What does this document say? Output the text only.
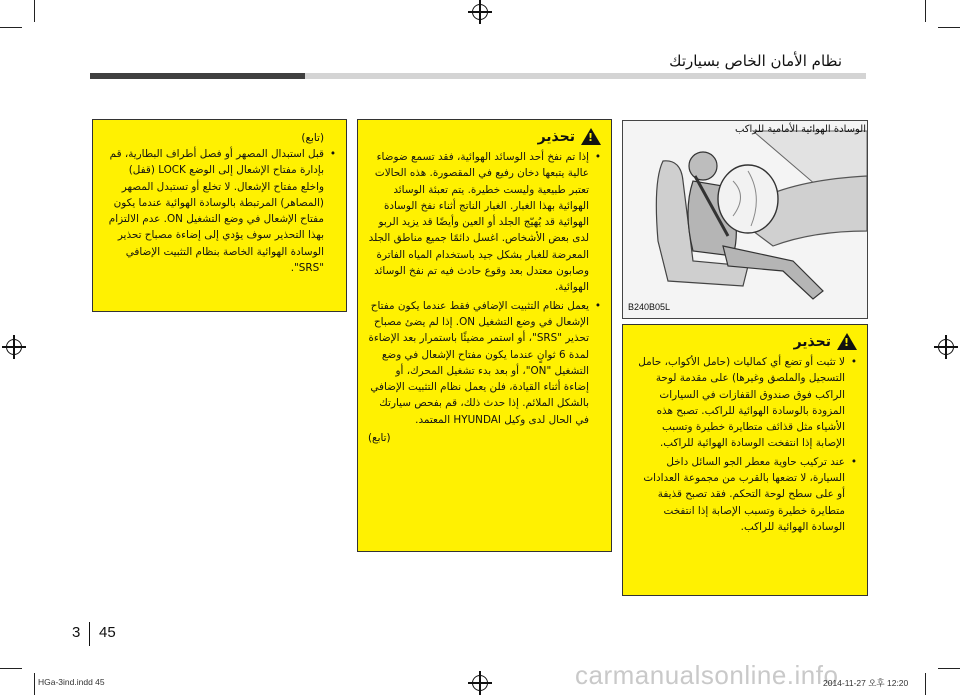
نظام الأمان الخاص بسيارتك
(تابع)
• قبل استبدال المصهر أو فصل أطراف البطارية، قم بإدارة مفتاح الإشعال إلى الوضع LOCK (قفل) واخلع مفتاح الإشعال. لا تخلع أو تستبدل المصهر (المصاهر) المرتبطة بالوسادة الهوائية عندما يكون مفتاح الإشعال في وضع التشغيل ON. عدم الالتزام بهذا التحذير سوف يؤدي إلى إضاءة مصباح تحذير الوسادة الهوائية الخاصة بنظام التثبيت الإضافي "SRS".
تحذير
!
• إذا تم نفخ أحد الوسائد الهوائية، فقد تسمع ضوضاء عالية يتبعها دخان رفيع في المقصورة. هذه الحالات تعتبر طبيعية وليست خطيرة. يتم تعبئة الوسائد الهوائية بهذا الغبار. الغبار الناتج أثناء نفخ الوسادة الهوائية قد يُهيّج الجلد أو العين وأيضًا قد يزيد الربو لدى بعض الأشخاص. اغسل دائمًا جميع مناطق الجلد المعرضة للغبار بشكل جيد باستخدام المياه الفاترة وصابون معتدل بعد وقوع حادث فيه تم نفخ الوسائد الهوائية.
• يعمل نظام التثبيت الإضافي فقط عندما يكون مفتاح الإشعال في وضع التشغيل ON. إذا لم يضئ مصباح تحذير "SRS"، أو استمر مضيئًا باستمرار بعد الإضاءة لمدة 6 ثوانٍ عندما يكون مفتاح الإشعال في وضع التشغيل "ON"، أو بعد بدء تشغيل المحرك، أو إضاءة أثناء القيادة، فلن يعمل نظام التثبيت الإضافي بالشكل الملائم. إذا حدث ذلك، قم بفحص سيارتك في الحال لدى وكيل HYUNDAI المعتمد.
(تابع)
الوسادة الهوائية الأمامية للراكب
B240B05L
تحذير
!
• لا تثبت أو تضع أي كماليات (حامل الأكواب، حامل التسجيل والملصق وغيرها) على مقدمة لوحة الراكب فوق صندوق القفازات في السيارات المزودة بالوسادة الهوائية للراكب. تصبح هذه الأشياء مثل قذائف متطايرة خطيرة وتسبب الإصابة إذا انتفخت الوسادة الهوائية للراكب.
• عند تركيب حاوية معطر الجو السائل داخل السيارة، لا تضعها بالقرب من مجموعة العدادات أو على سطح لوحة التحكم. فقد تصبح قذيفة متطايرة خطيرة وتسبب الإصابة إذا انتفخت الوسادة الهوائية للراكب.
3 45
carmanualsonline.info
HGa-3ind.indd 45	2014-11-27 오후 12:20
